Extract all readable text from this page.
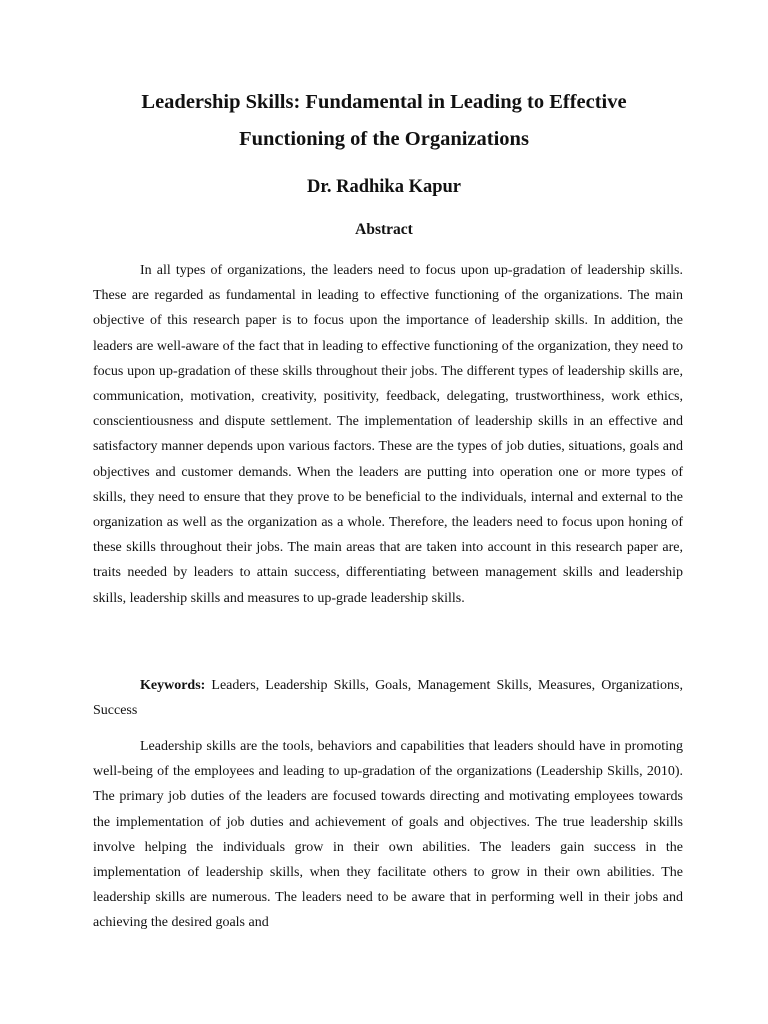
Leadership Skills: Fundamental in Leading to Effective
Functioning of the Organizations

Dr. Radhika Kapur

Abstract

In all types of organizations, the leaders need to focus upon up-gradation of leadership skills. These are regarded as fundamental in leading to effective functioning of the organizations. The main objective of this research paper is to focus upon the importance of leadership skills. In addition, the leaders are well-aware of the fact that in leading to effective functioning of the organization, they need to focus upon up-gradation of these skills throughout their jobs. The different types of leadership skills are, communication, motivation, creativity, positivity, feedback, delegating, trustworthiness, work ethics, conscientiousness and dispute settlement. The implementation of leadership skills in an effective and satisfactory manner depends upon various factors. These are the types of job duties, situations, goals and objectives and customer demands. When the leaders are putting into operation one or more types of skills, they need to ensure that they prove to be beneficial to the individuals, internal and external to the organization as well as the organization as a whole. Therefore, the leaders need to focus upon honing of these skills throughout their jobs. The main areas that are taken into account in this research paper are, traits needed by leaders to attain success, differentiating between management skills and leadership skills, leadership skills and measures to up-grade leadership skills.

Keywords: Leaders, Leadership Skills, Goals, Management Skills, Measures, Organizations, Success

Leadership skills are the tools, behaviors and capabilities that leaders should have in promoting well-being of the employees and leading to up-gradation of the organizations (Leadership Skills, 2010). The primary job duties of the leaders are focused towards directing and motivating employees towards the implementation of job duties and achievement of goals and objectives. The true leadership skills involve helping the individuals grow in their own abilities. The leaders gain success in the implementation of leadership skills, when they facilitate others to grow in their own abilities. The leadership skills are numerous. The leaders need to be aware that in performing well in their jobs and achieving the desired goals and
